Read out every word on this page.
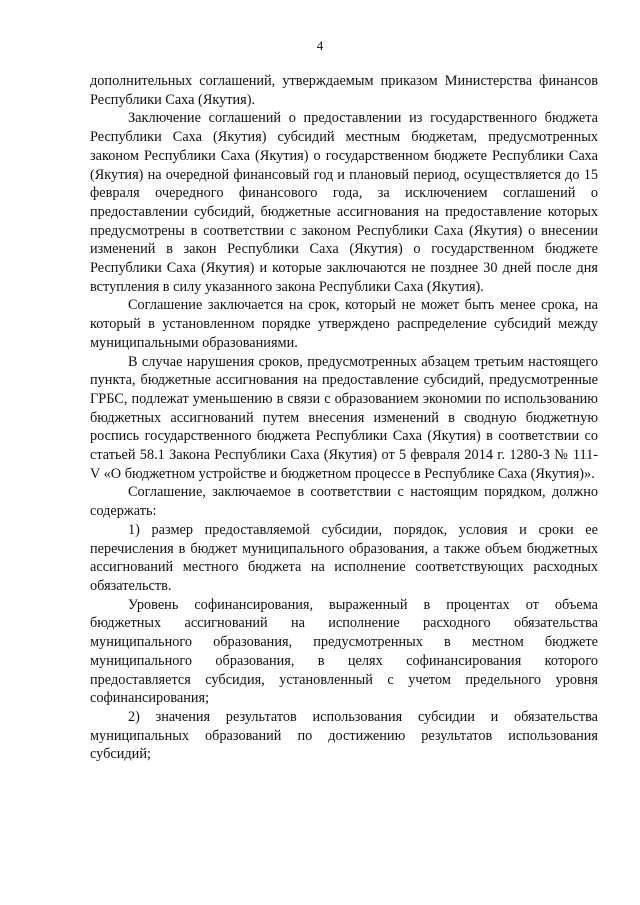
4

дополнительных соглашений, утверждаемым приказом Министерства финансов Республики Саха (Якутия).

Заключение соглашений о предоставлении из государственного бюджета Республики Саха (Якутия) субсидий местным бюджетам, предусмотренных законом Республики Саха (Якутия) о государственном бюджете Республики Саха (Якутия) на очередной финансовый год и плановый период, осуществляется до 15 февраля очередного финансового года, за исключением соглашений о предоставлении субсидий, бюджетные ассигнования на предоставление которых предусмотрены в соответствии с законом Республики Саха (Якутия) о внесении изменений в закон Республики Саха (Якутия) о государственном бюджете Республики Саха (Якутия) и которые заключаются не позднее 30 дней после дня вступления в силу указанного закона Республики Саха (Якутия).

Соглашение заключается на срок, который не может быть менее срока, на который в установленном порядке утверждено распределение субсидий между муниципальными образованиями.

В случае нарушения сроков, предусмотренных абзацем третьим настоящего пункта, бюджетные ассигнования на предоставление субсидий, предусмотренные ГРБС, подлежат уменьшению в связи с образованием экономии по использованию бюджетных ассигнований путем внесения изменений в сводную бюджетную роспись государственного бюджета Республики Саха (Якутия) в соответствии со статьей 58.1 Закона Республики Саха (Якутия) от 5 февраля 2014 г. 1280-З № 111-V «О бюджетном устройстве и бюджетном процессе в Республике Саха (Якутия)».

Соглашение, заключаемое в соответствии с настоящим порядком, должно содержать:

1) размер предоставляемой субсидии, порядок, условия и сроки ее перечисления в бюджет муниципального образования, а также объем бюджетных ассигнований местного бюджета на исполнение соответствующих расходных обязательств.

Уровень софинансирования, выраженный в процентах от объема бюджетных ассигнований на исполнение расходного обязательства муниципального образования, предусмотренных в местном бюджете муниципального образования, в целях софинансирования которого предоставляется субсидия, установленный с учетом предельного уровня софинансирования;

2) значения результатов использования субсидии и обязательства муниципальных образований по достижению результатов использования субсидий;
